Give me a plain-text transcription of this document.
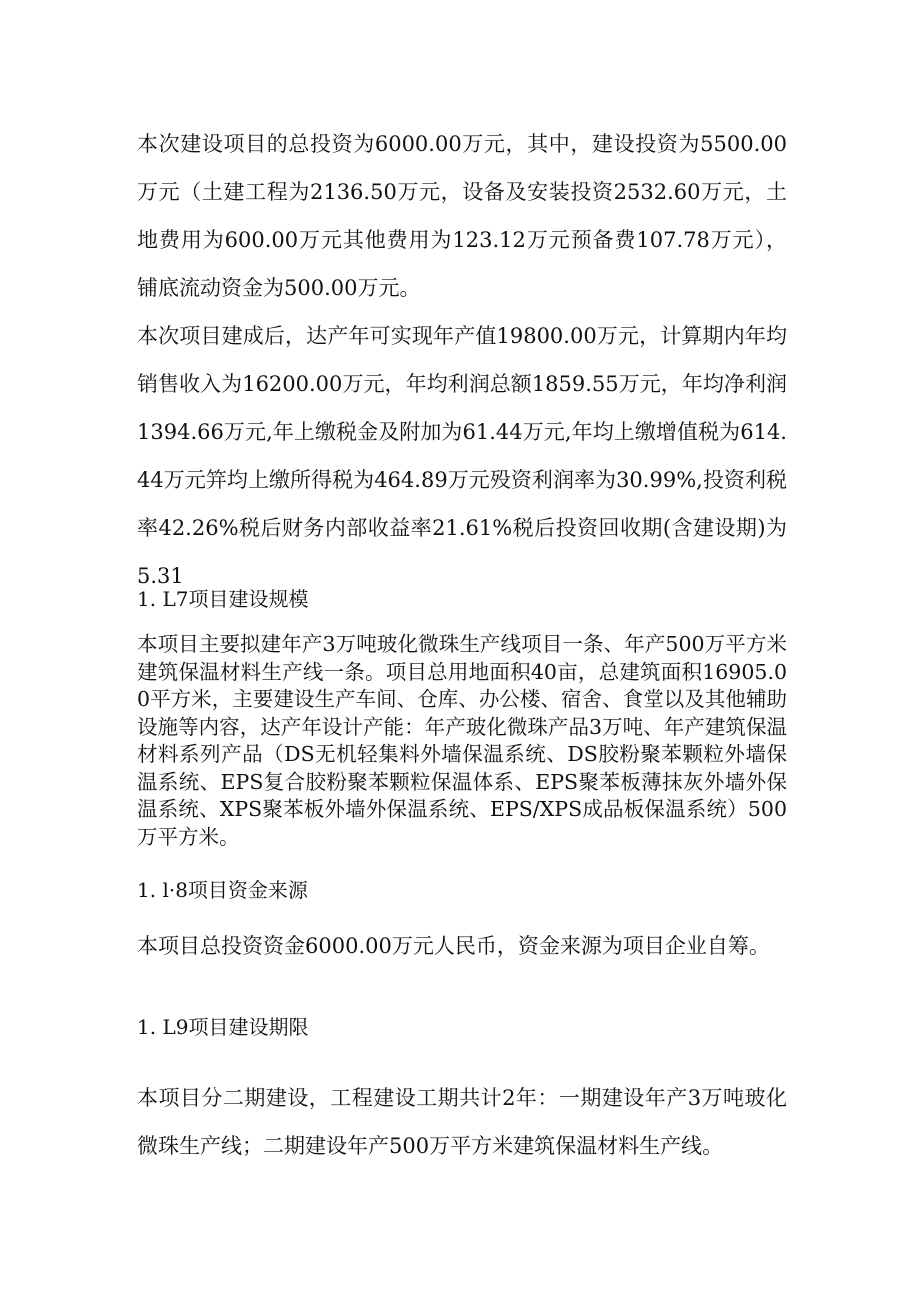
本次建设项目的总投资为6000.00万元，其中，建设投资为5500.00万元（土建工程为2136.50万元，设备及安装投资2532.60万元，土地费用为600.00万元其他费用为123.12万元预备费107.78万元），铺底流动资金为500.00万元。

本次项目建成后，达产年可实现年产值19800.00万元，计算期内年均销售收入为16200.00万元，年均利润总额1859.55万元，年均净利润1394.66万元,年上缴税金及附加为61.44万元,年均上缴增值税为614.44万元笄均上缴所得税为464.89万元殁资利润率为30.99%,投资利税率42.26%税后财务内部收益率21.61%税后投资回收期(含建设期)为5.31

1. L7项目建设规模

本项目主要拟建年产3万吨玻化微珠生产线项目一条、年产500万平方米建筑保温材料生产线一条。项目总用地面积40亩，总建筑面积16905.00平方米，主要建设生产车间、仓库、办公楼、宿舍、食堂以及其他辅助设施等内容，达产年设计产能：年产玻化微珠产品3万吨、年产建筑保温材料系列产品（DS无机轻集料外墙保温系统、DS胶粉聚苯颗粒外墙保温系统、EPS复合胶粉聚苯颗粒保温体系、EPS聚苯板薄抹灰外墙外保温系统、XPS聚苯板外墙外保温系统、EPS/XPS成品板保温系统）500万平方米。

1. l·8项目资金来源

本项目总投资资金6000.00万元人民币，资金来源为项目企业自筹。

1. L9项目建设期限

本项目分二期建设，工程建设工期共计2年：一期建设年产3万吨玻化微珠生产线；二期建设年产500万平方米建筑保温材料生产线。
